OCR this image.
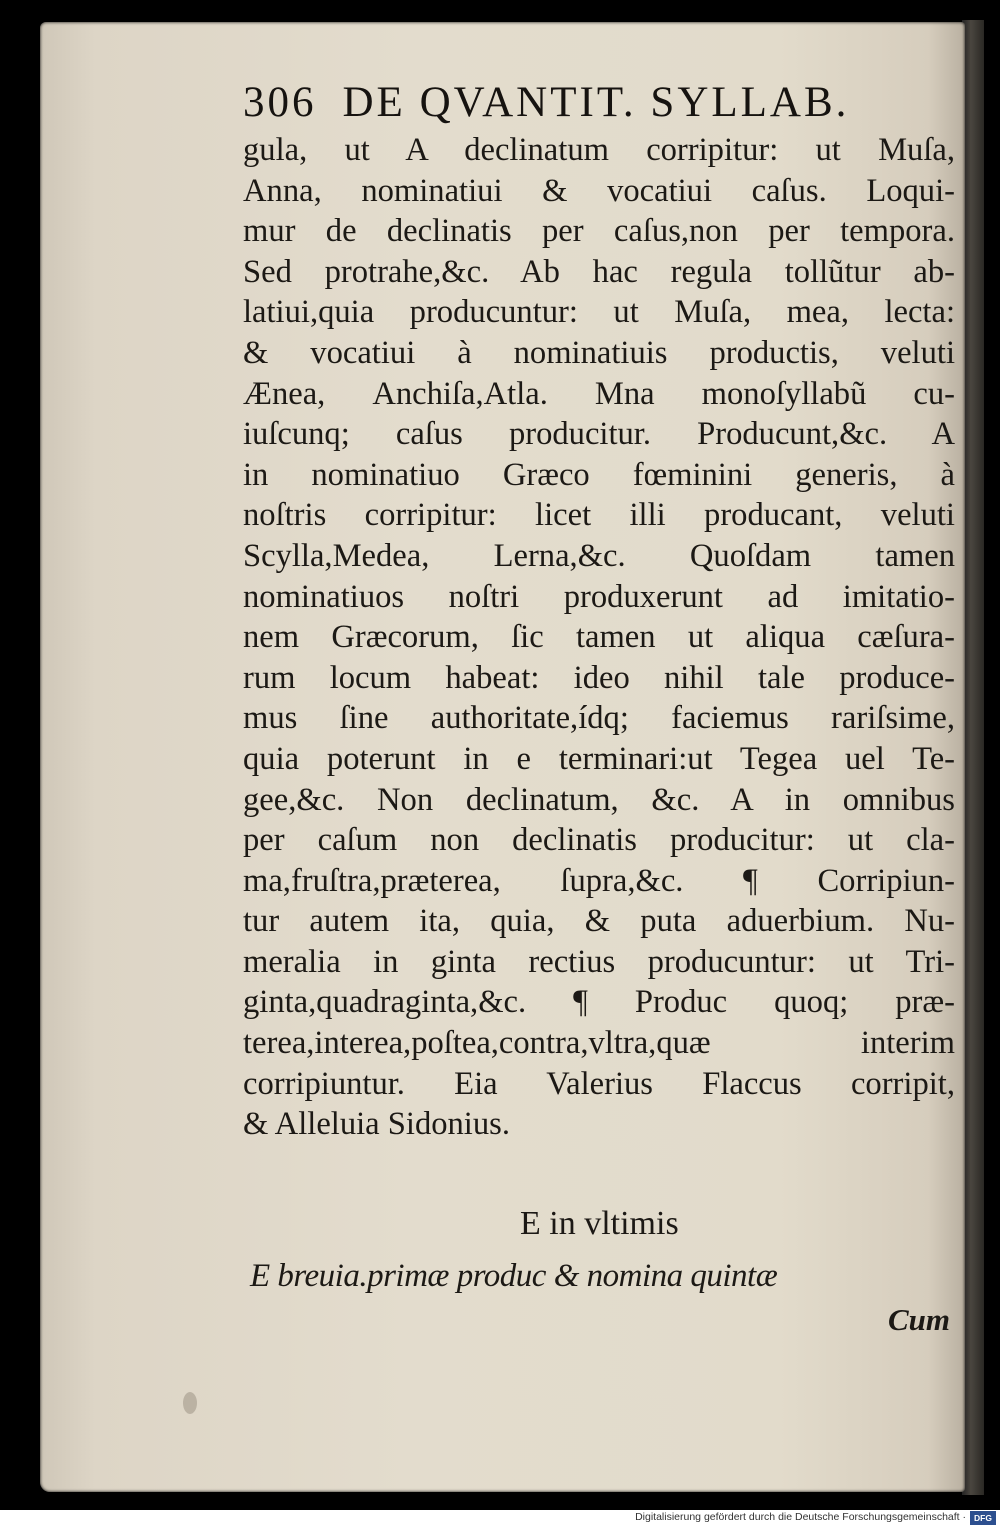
306 DE QVANTIT. SYLLAB.
gula, ut A declinatum corripitur: ut Muſa,
Anna, nominatiui & vocatiui caſus. Loqui-
mur de declinatis per caſus,non per tempora.
Sed protrahe,&c. Ab hac regula tollũtur ab-
latiui,quia producuntur: ut Muſa, mea, lecta:
& vocatiui à nominatiuis productis, veluti
Æneа, Anchiſa,Atla. Mna monoſyllabũ cu-
iuſcunq; caſus producitur. Producunt,&c. A
in nominatiuo Græco fœminini generis, à
noſtris corripitur: licet illi producant, veluti
Scylla,Medea, Lerna,&c. Quoſdam tamen
nominatiuos noſtri produxerunt ad imitatio-
nem Græcorum, ſic tamen ut aliqua cæſura-
rum locum habeat: ideo nihil tale produce-
mus ſine authoritate,ídq; faciemus rariſsime,
quia poterunt in e terminari:ut Tegea uel Te-
gee,&c. Non declinatum, &c. A in omnibus
per caſum non declinatis producitur: ut cla-
ma,fruſtra,præterea, ſupra,&c. ¶ Corripiun-
tur autem ita, quia, & puta aduerbium. Nu-
meralia in ginta rectius producuntur: ut Tri-
ginta,quadraginta,&c. ¶ Produc quoq; præ-
terea,interea,poſtea,contra,vltra,quæ interim
corripiuntur. Eia Valerius Flaccus corripit,
& Alleluia Sidonius.
E in vltimis
E breuia.primæ produc & nomina quintæ
Cum
Digitalisierung gefördert durch die Deutsche Forschungsgemeinschaft · DFG
